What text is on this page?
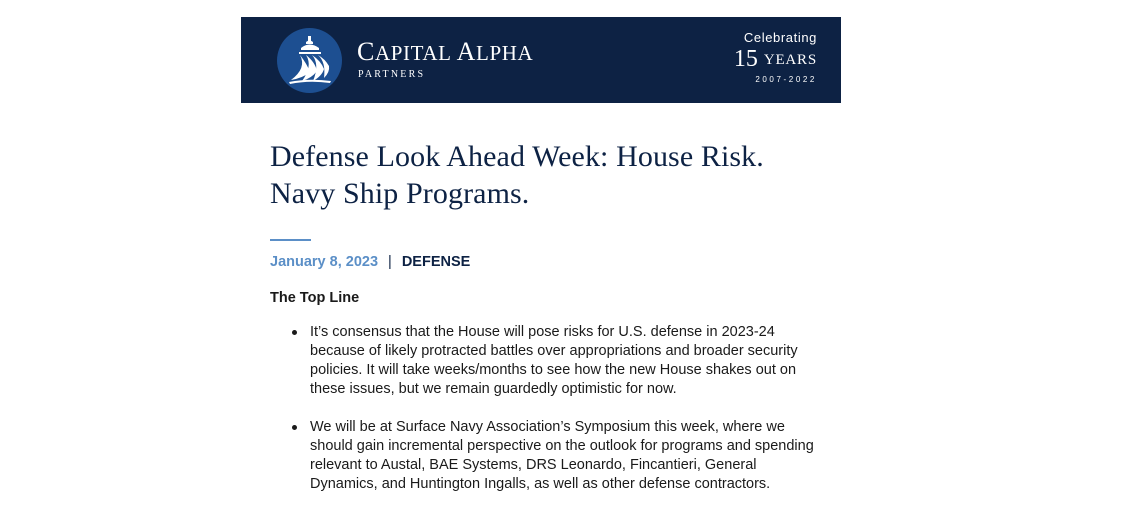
CAPITAL ALPHA
PARTNERS
Celebrating
15 YEARS
2007-2022
Defense Look Ahead Week: House Risk. Navy Ship Programs.
January 8, 2023 | DEFENSE
The Top Line
It’s consensus that the House will pose risks for U.S. defense in 2023-24 because of likely protracted battles over appropriations and broader security policies. It will take weeks/months to see how the new House shakes out on these issues, but we remain guardedly optimistic for now.
We will be at Surface Navy Association’s Symposium this week, where we should gain incremental perspective on the outlook for programs and spending relevant to Austal, BAE Systems, DRS Leonardo, Fincantieri, General Dynamics, and Huntington Ingalls, as well as other defense contractors.
